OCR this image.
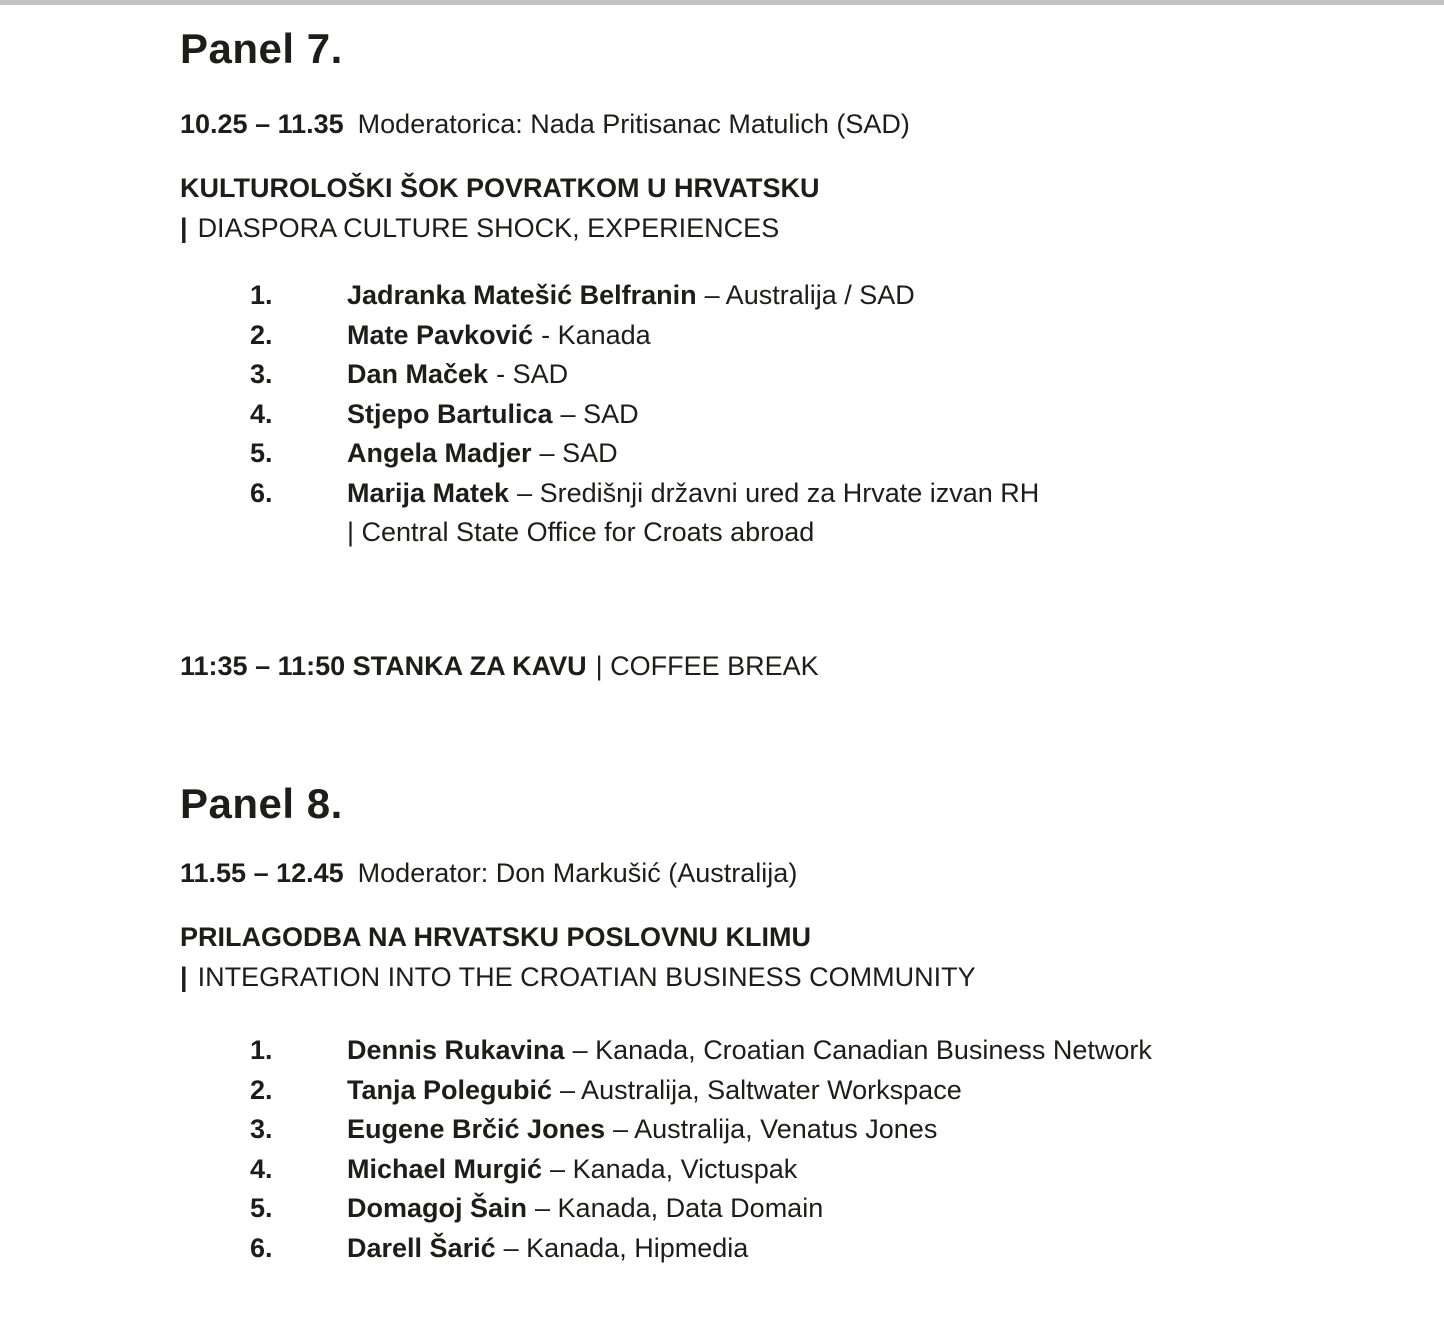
Panel 7.

10.25 – 11.35 Moderatorica: Nada Pritisanac Matulich (SAD)

KULTUROLOŠKI ŠOK POVRATKOM U HRVATSKU

| DIASPORA CULTURE SHOCK, EXPERIENCES

1.	Jadranka Matešić Belfranin – Australija / SAD
2.	Mate Pavković - Kanada
3.	Dan Maček - SAD
4.	Stjepo Bartulica – SAD
5.	Angela Madjer – SAD
6.	Marija Matek – Središnji državni ured za Hrvate izvan RH
| Central State Office for Croats abroad

11:35 – 11:50 STANKA ZA KAVU | COFFEE BREAK

Panel 8.

11.55 – 12.45 Moderator: Don Markušić (Australija)

PRILAGODBA NA HRVATSKU POSLOVNU KLIMU

| INTEGRATION INTO THE CROATIAN BUSINESS COMMUNITY

1.	Dennis Rukavina – Kanada, Croatian Canadian Business Network
2.	Tanja Polegubić – Australija, Saltwater Workspace
3.	Eugene Brčić Jones – Australija, Venatus Jones
4.	Michael Murgić – Kanada, Victuspak
5.	Domagoj Šain – Kanada, Data Domain
6.	Darell Šarić – Kanada, Hipmedia
